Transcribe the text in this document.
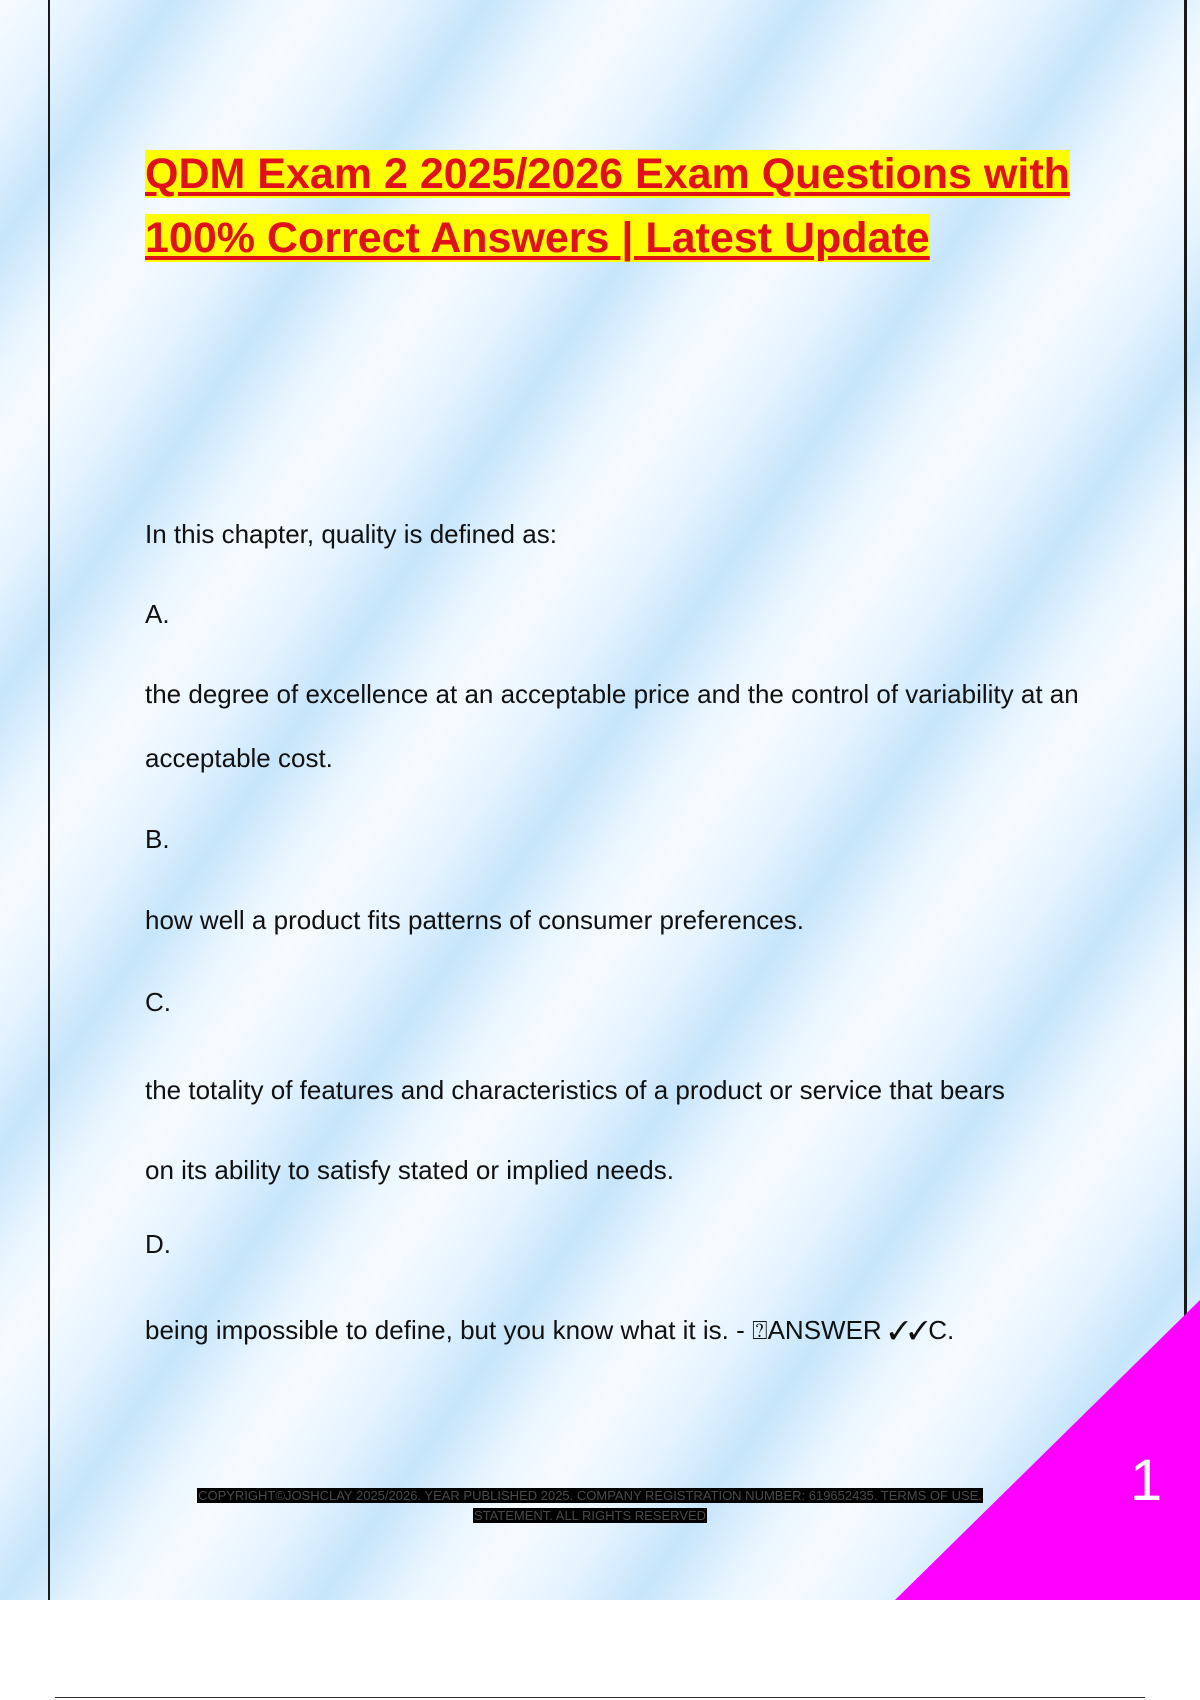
QDM Exam 2 2025/2026 Exam Questions with 100% Correct Answers | Latest Update

In this chapter, quality is defined as:

A.

the degree of excellence at an acceptable price and the control of variability at an acceptable cost.

B.

how well a product fits patterns of consumer preferences.

C.

the totality of features and characteristics of a product or service that bears on its ability to satisfy stated or implied needs.

D.

being impossible to define, but you know what it is. - ⍰ANSWER ✓✓C.

1
COPYRIGHT©JOSHCLAY 2025/2026. YEAR PUBLISHED 2025. COMPANY REGISTRATION NUMBER: 619652435. TERMS OF USE.
STATEMENT. ALL RIGHTS RESERVED
